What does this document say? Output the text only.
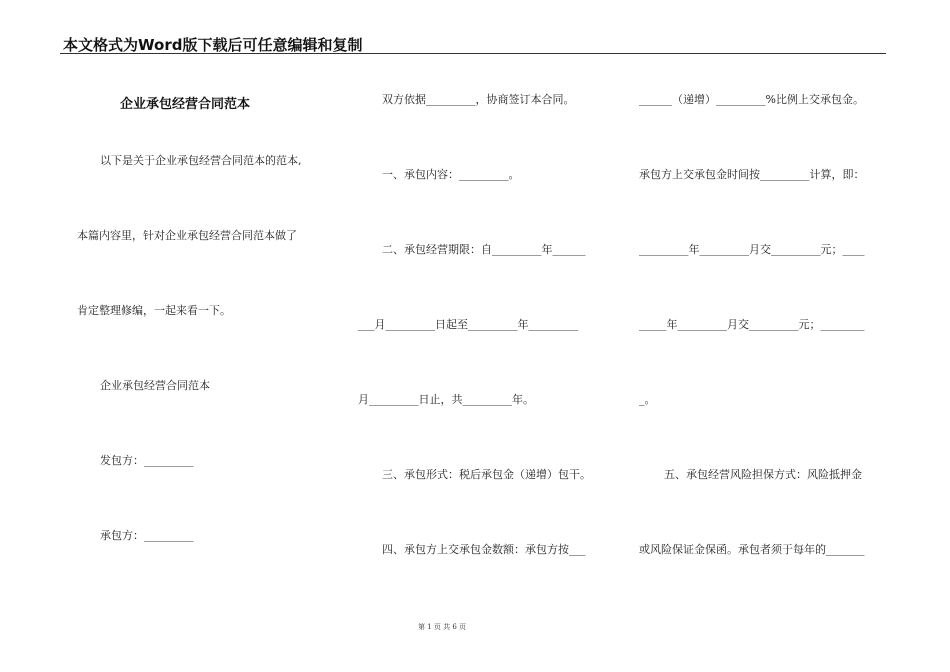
本文格式为Word版下载后可任意编辑和复制
企业承包经营合同范本
以下是关于企业承包经营合同范本的范本,
本篇内容里，针对企业承包经营合同范本做了
肯定整理修编，一起来看一下。
企业承包经营合同范本
发包方：_________
承包方：_________
双方依据_________，协商签订本合同。
一、承包内容：_________。
二、承包经营期限：自_________年______
___月_________日起至_________年_________
月_________日止，共_________年。
三、承包形式：税后承包金（递增）包干。
四、承包方上交承包金数额：承包方按___
______（递增）_________%比例上交承包金。
承包方上交承包金时间按_________计算，即：
_________年_________月交_________元；____
_____年_________月交_________元；________
_。
五、承包经营风险担保方式：风险抵押金
或风险保证金保函。承包者须于每年的_______
第 1 页 共 6 页
